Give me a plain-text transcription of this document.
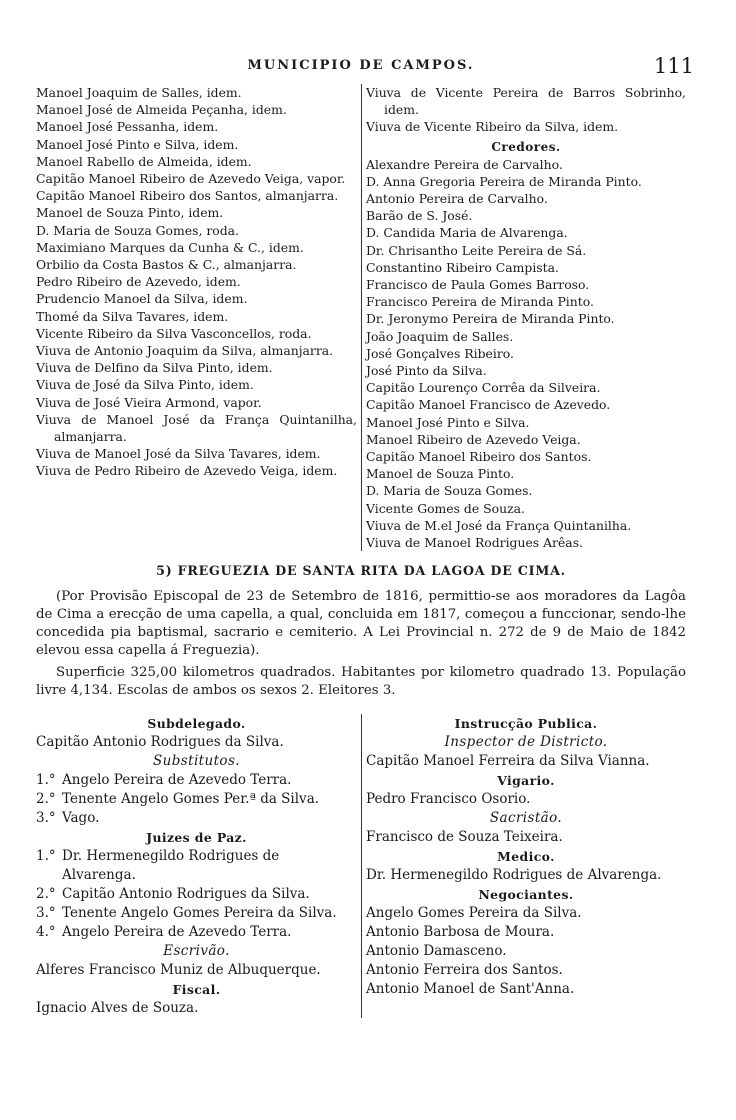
MUNICIPIO DE CAMPOS.	111
Manoel Joaquim de Salles, idem.
Manoel José de Almeida Peçanha, idem.
Manoel José Pessanha, idem.
Manoel José Pinto e Silva, idem.
Manoel Rabello de Almeida, idem.
Capitão Manoel Ribeiro de Azevedo Veiga, vapor.
Capitão Manoel Ribeiro dos Santos, almanjarra.
Manoel de Souza Pinto, idem.
D. Maria de Souza Gomes, roda.
Maximiano Marques da Cunha & C., idem.
Orbilio da Costa Bastos & C., almanjarra.
Pedro Ribeiro de Azevedo, idem.
Prudencio Manoel da Silva, idem.
Thomé da Silva Tavares, idem.
Vicente Ribeiro da Silva Vasconcellos, roda.
Viuva de Antonio Joaquim da Silva, almanjarra.
Viuva de Delfino da Silva Pinto, idem.
Viuva de José da Silva Pinto, idem.
Viuva de José Vieira Armond, vapor.
Viuva de Manoel José da França Quintanilha, almanjarra.
Viuva de Manoel José da Silva Tavares, idem.
Viuva de Pedro Ribeiro de Azevedo Veiga, idem.
Viuva de Vicente Pereira de Barros Sobrinho, idem.
Viuva de Vicente Ribeiro da Silva, idem.
Credores.
Alexandre Pereira de Carvalho.
D. Anna Gregoria Pereira de Miranda Pinto.
Antonio Pereira de Carvalho.
Barão de S. José.
D. Candida Maria de Alvarenga.
Dr. Chrisantho Leite Pereira de Sá.
Constantino Ribeiro Campista.
Francisco de Paula Gomes Barroso.
Francisco Pereira de Miranda Pinto.
Dr. Jeronymo Pereira de Miranda Pinto.
João Joaquim de Salles.
José Gonçalves Ribeiro.
José Pinto da Silva.
Capitão Lourenço Corrêa da Silveira.
Capitão Manoel Francisco de Azevedo.
Manoel José Pinto e Silva.
Manoel Ribeiro de Azevedo Veiga.
Capitão Manoel Ribeiro dos Santos.
Manoel de Souza Pinto.
D. Maria de Souza Gomes.
Vicente Gomes de Souza.
Viuva de M.el José da França Quintanilha.
Viuva de Manoel Rodrigues Arêas.
5) FREGUEZIA DE SANTA RITA DA LAGOA DE CIMA.

(Por Provisão Episcopal de 23 de Setembro de 1816, permittio-se aos moradores da Lagôa de Cima a erecção de uma capella, a qual, concluida em 1817, começou a funccionar, sendo-lhe concedida pia baptismal, sacrario e cemiterio. A Lei Provincial n. 272 de 9 de Maio de 1842 elevou essa capella á Freguezia).

Superficie 325,00 kilometros quadrados. Habitantes por kilometro quadrado 13. População livre 4,134. Escolas de ambos os sexos 2. Eleitores 3.

Subdelegado.
Capitão Antonio Rodrigues da Silva.
Substitutos.
1.° Angelo Pereira de Azevedo Terra.
2.° Tenente Angelo Gomes Per.ª da Silva.
3.° Vago.
Juizes de Paz.
1.° Dr. Hermenegildo Rodrigues de Alvarenga.
2.° Capitão Antonio Rodrigues da Silva.
3.° Tenente Angelo Gomes Pereira da Silva.
4.° Angelo Pereira de Azevedo Terra.
Escrivão.
Alferes Francisco Muniz de Albuquerque.
Fiscal.
Ignacio Alves de Souza.
Instrucção Publica.
Inspector de Districto.
Capitão Manoel Ferreira da Silva Vianna.
Vigario.
Pedro Francisco Osorio.
Sacristão.
Francisco de Souza Teixeira.
Medico.
Dr. Hermenegildo Rodrigues de Alvarenga.
Negociantes.
Angelo Gomes Pereira da Silva.
Antonio Barbosa de Moura.
Antonio Damasceno.
Antonio Ferreira dos Santos.
Antonio Manoel de Sant'Anna.
